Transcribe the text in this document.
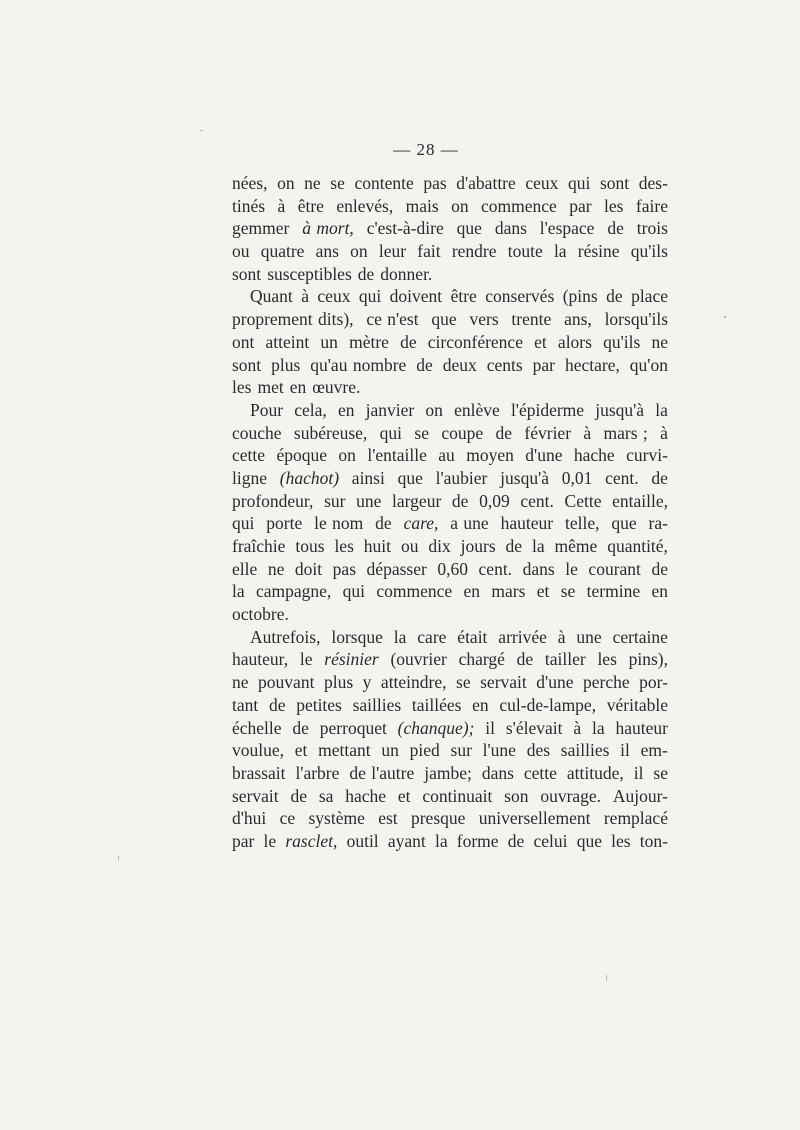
— 28 —
nées, on ne se contente pas d'abattre ceux qui sont des-
tinés à être enlevés, mais on commence par les faire
gemmer à mort, c'est-à-dire que dans l'espace de trois
ou quatre ans on leur fait rendre toute la résine qu'ils
sont susceptibles de donner.
Quant à ceux qui doivent être conservés (pins de place
proprement dits), ce n'est que vers trente ans, lorsqu'ils
ont atteint un mètre de circonférence et alors qu'ils ne
sont plus qu'au nombre de deux cents par hectare, qu'on
les met en œuvre.
Pour cela, en janvier on enlève l'épiderme jusqu'à la
couche subéreuse, qui se coupe de février à mars ; à
cette époque on l'entaille au moyen d'une hache curvi-
ligne (hachot) ainsi que l'aubier jusqu'à 0,01 cent. de
profondeur, sur une largeur de 0,09 cent. Cette entaille,
qui porte le nom de care, a une hauteur telle, que ra-
fraîchie tous les huit ou dix jours de la même quantité,
elle ne doit pas dépasser 0,60 cent. dans le courant de
la campagne, qui commence en mars et se termine en
octobre.
Autrefois, lorsque la care était arrivée à une certaine
hauteur, le résinier (ouvrier chargé de tailler les pins),
ne pouvant plus y atteindre, se servait d'une perche por-
tant de petites saillies taillées en cul-de-lampe, véritable
échelle de perroquet (chanque); il s'élevait à la hauteur
voulue, et mettant un pied sur l'une des saillies il em-
brassait l'arbre de l'autre jambe; dans cette attitude, il se
servait de sa hache et continuait son ouvrage. Aujour-
d'hui ce système est presque universellement remplacé
par le rasclet, outil ayant la forme de celui que les ton-
